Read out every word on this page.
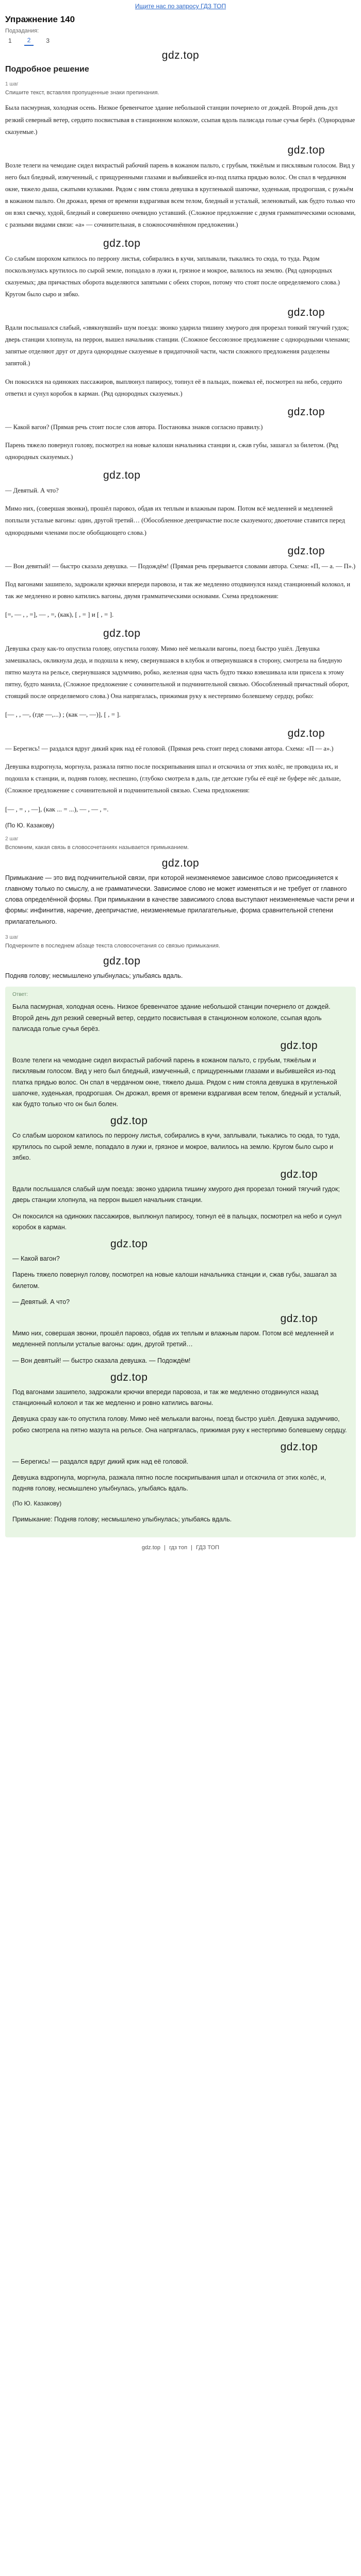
Ищите нас по запросу ГДЗ ТОП
Упражнение 140
Подзадания:
1	2	3
gdz.top
Подробное решение
1 шаг
Спишите текст, вставляя пропущенные знаки препинания.

Была пасмурная, холодная осень. Низкое бревенчатое здание небольшой станции почернело от дождей. Второй день дул резкий северный ветер, сердито посвистывая в станционном колоколе, ссыпая вдоль палисада голые сучья берёз. (Однородные сказуемые.)

gdz.top

Возле телеги на чемодане сидел вихрастый рабочий парень в кожаном пальто, с грубым, тяжёлым и писклявым голосом. Вид у него был бледный, измученный, с прищуренными глазами и выбившейся из-под платка прядью волос. Он спал в чердачном окне, тяжело дыша, сжатыми кулаками. Рядом с ним стояла девушка в кругленькой шапочке, худенькая, продрогшая, с ружьём в кожаном пальто. Он дрожал, время от времени вздрагивая всем телом, бледный и усталый, зеленоватый, как будто только что он взял свечку, худой, бледный и совершенно очевидно уставший. (Сложное предложение с двумя грамматическими основами, с разными видами связи: «а» — сочинительная, в сложносочинённом предложении.)

gdz.top

Со слабым шорохом катилось по перрону листья, собирались в кучи, заплывали, тыкались то сюда, то туда. Рядом поскользнулась крутилось по сырой земле, попадало в лужи и, грязное и мокрое, валилось на землю. (Ряд однородных сказуемых; два причастных оборота выделяются запятыми с обеих сторон, потому что стоят после определяемого слова.) Кругом было сыро и зябко.

gdz.top

Вдали послышался слабый, «звякнувший» шум поезда: звонко ударила тишину хмурого дня прорезал тонкий тягучий гудок; дверь станции хлопнула, на перрон, вышел начальник станции. (Сложное бессоюзное предложение с однородными членами; запятые отделяют друг от друга однородные сказуемые в придаточной части, части сложного предложения разделены запятой.)

Он покосился на одиноких пассажиров, выплюнул папиросу, топнул её в пальцах, пожевал её, посмотрел на небо, сердито ответил и сунул коробок в карман. (Ряд однородных сказуемых.)

gdz.top

— Какой вагон? (Прямая речь стоит после слов автора. Постановка знаков согласно правилу.)

Парень тяжело повернул голову, посмотрел на новые калоши начальника станции и, сжав губы, зашагал за билетом. (Ряд однородных сказуемых.)

gdz.top

— Девятый. А что?

Мимо них, (совершая звонки), прошёл паровоз, обдав их теплым и влажным паром. Потом всё медленней и медленней поплыли усталые вагоны: один, другой третий… (Обособленное деепричастие после сказуемого; двоеточие ставится перед однородными членами после обобщающего слова.)

gdz.top

— Вон девятый! — быстро сказала девушка. — Подождём! (Прямая речь прерывается словами автора. Схема: «П, — а. — П».)

Под вагонами зашипело, задрожали крючки впереди паровоза, и так же медленно отодвинулся назад станционный колокол, и так же медленно и ровно катились вагоны, двумя грамматическими основами. Схема предложения:

[=, — , , =], — , =, (как), [ , = ] и [ , = ].
gdz.top

Девушка сразу как-то опустила голову, опустила голову. Мимо неё мелькали вагоны, поезд быстро ушёл. Девушка замешкалась, окликнула деда, и подошла к нему, свернувшаяся в клубок и отвернувшаяся в сторону, смотрела на бледную пятно мазута на рельсе, свернувшаяся задумчиво, робко, железная одна часть будто тяжко взвешивала или присела к этому пятну, будто манила, (Сложное предложение с сочинительной и подчинительной связью. Обособленный причастный оборот, стоящий после определяемого слова.) Она напрягалась, прижимая руку к нестерпимо болевшему сердцу, робко:

[— , , —, (где —,...) ; (как —, —)], [ , = ].
gdz.top

— Берегись! — раздался вдруг дикий крик над её головой. (Прямая речь стоит перед словами автора. Схема: «П — а».)

Девушка вздрогнула, моргнула, разжала пятно после поскрипывания шпал и отскочила от этих колёс, не проводила их, и подошла к станции, и, подняв голову, неспешно, (глубоко смотрела в даль, где детские губы её ещё не буфере нёс дальше, (Сложное предложение с сочинительной и подчинительной связью. Схема предложения:

[— , = , , —], (как ... = ...), — , — , =.
(По Ю. Казакову)
2 шаг
Вспомним, какая связь в словосочетаниях называется примыканием.
gdz.top

Примыкание — это вид подчинительной связи, при которой неизменяемое зависимое слово присоединяется к главному только по смыслу, а не грамматически. Зависимое слово не может изменяться и не требует от главного слова определённой формы. При примыкании в качестве зависимого слова выступают неизменяемые части речи и формы: инфинитив, наречие, деепричастие, неизменяемые прилагательные, форма сравнительной степени прилагательного.

3 шаг
Подчеркните в последнем абзаце текста словосочетания со связью примыкания.
gdz.top

Подняв голову; несмышлено улыбнулась; улыбаясь вдаль.

Ответ:

Была пасмурная, холодная осень. Низкое бревенчатое здание небольшой станции почернело от дождей. Второй день дул резкий северный ветер, сердито посвистывая в станционном колоколе, ссыпая вдоль палисада голые сучья берёз.

gdz.top

Возле телеги на чемодане сидел вихрастый рабочий парень в кожаном пальто, с грубым, тяжёлым и писклявым голосом. Вид у него был бледный, измученный, с прищуренными глазами и выбившейся из-под платка прядью волос. Он спал в чердачном окне, тяжело дыша. Рядом с ним стояла девушка в кругленькой шапочке, худенькая, продрогшая. Он дрожал, время от времени вздрагивая всем телом, бледный и усталый, как будто только что он был болен.

gdz.top

Со слабым шорохом катилось по перрону листья, собирались в кучи, заплывали, тыкались то сюда, то туда, крутилось по сырой земле, попадало в лужи и, грязное и мокрое, валилось на землю. Кругом было сыро и зябко.

gdz.top

Вдали послышался слабый шум поезда: звонко ударила тишину хмурого дня прорезал тонкий тягучий гудок; дверь станции хлопнула, на перрон вышел начальник станции.

Он покосился на одиноких пассажиров, выплюнул папиросу, топнул её в пальцах, посмотрел на небо и сунул коробок в карман.

gdz.top

— Какой вагон?

Парень тяжело повернул голову, посмотрел на новые калоши начальника станции и, сжав губы, зашагал за билетом.

— Девятый. А что?

gdz.top

Мимо них, совершая звонки, прошёл паровоз, обдав их теплым и влажным паром. Потом всё медленней и медленней поплыли усталые вагоны: один, другой третий…

— Вон девятый! — быстро сказала девушка. — Подождём!

gdz.top

Под вагонами зашипело, задрожали крючки впереди паровоза, и так же медленно отодвинулся назад станционный колокол и так же медленно и ровно катились вагоны.

Девушка сразу как-то опустила голову. Мимо неё мелькали вагоны, поезд быстро ушёл. Девушка задумчиво, робко смотрела на пятно мазута на рельсе. Она напрягалась, прижимая руку к нестерпимо болевшему сердцу.

gdz.top

— Берегись! — раздался вдруг дикий крик над её головой.

Девушка вздрогнула, моргнула, разжала пятно после поскрипывания шпал и отскочила от этих колёс, и, подняв голову, несмышлено улыбнулась, улыбаясь вдаль.

(По Ю. Казакову)

Примыкание: Подняв голову; несмышлено улыбнулась; улыбаясь вдаль.

gdz.top | гдз топ | ГДЗ ТОП
